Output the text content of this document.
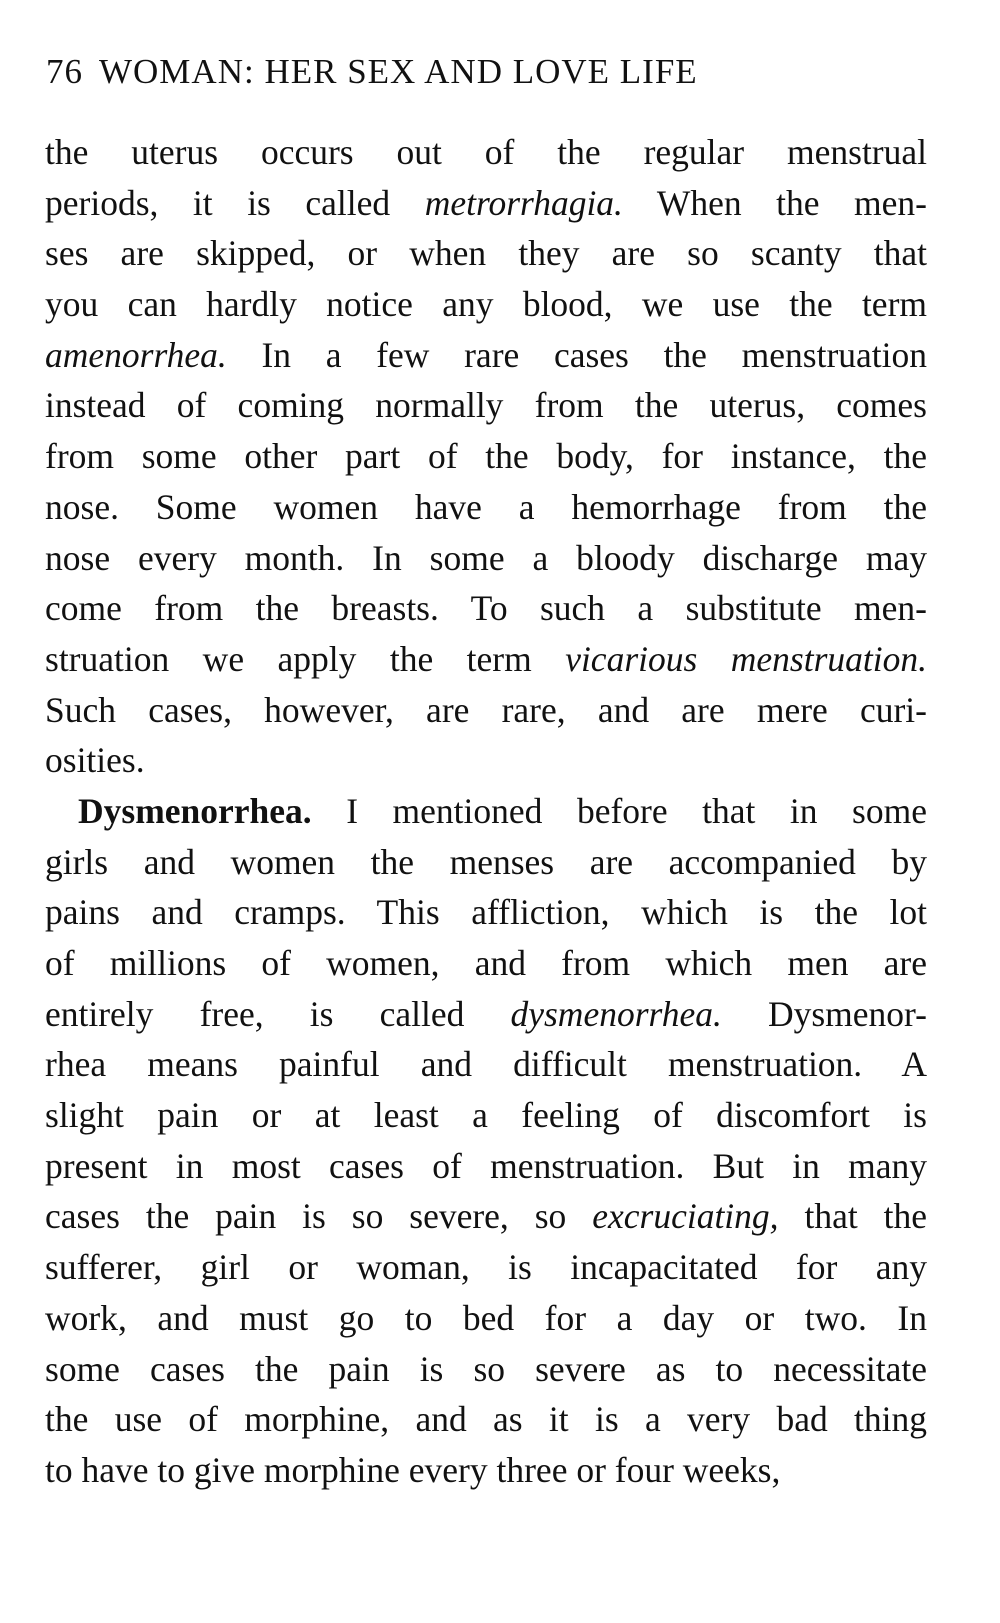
76 WOMAN: HER SEX AND LOVE LIFE
the uterus occurs out of the regular menstrual
periods, it is called metrorrhagia. When the men-
ses are skipped, or when they are so scanty that
you can hardly notice any blood, we use the term
amenorrhea. In a few rare cases the menstruation
instead of coming normally from the uterus, comes
from some other part of the body, for instance, the
nose. Some women have a hemorrhage from the
nose every month. In some a bloody discharge may
come from the breasts. To such a substitute men-
struation we apply the term vicarious menstruation.
Such cases, however, are rare, and are mere curi-
osities.
Dysmenorrhea. I mentioned before that in some
girls and women the menses are accompanied by
pains and cramps. This affliction, which is the lot
of millions of women, and from which men are
entirely free, is called dysmenorrhea. Dysmenor-
rhea means painful and difficult menstruation. A
slight pain or at least a feeling of discomfort is
present in most cases of menstruation. But in many
cases the pain is so severe, so excruciating, that the
sufferer, girl or woman, is incapacitated for any
work, and must go to bed for a day or two. In
some cases the pain is so severe as to necessitate
the use of morphine, and as it is a very bad thing
to have to give morphine every three or four weeks,
